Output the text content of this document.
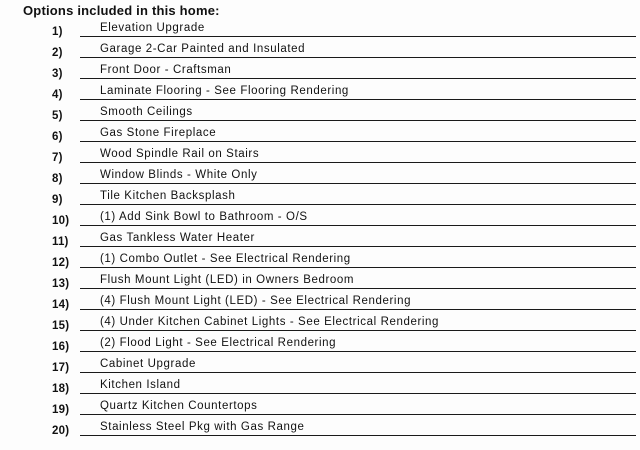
Options included in this home:
1)	Elevation Upgrade
2)	Garage 2-Car Painted and Insulated
3)	Front Door - Craftsman
4)	Laminate Flooring - See Flooring Rendering
5)	Smooth Ceilings
6)	Gas Stone Fireplace
7)	Wood Spindle Rail on Stairs
8)	Window Blinds - White Only
9)	Tile Kitchen Backsplash
10)	(1) Add Sink Bowl to Bathroom - O/S
11)	Gas Tankless Water Heater
12)	(1) Combo Outlet - See Electrical Rendering
13)	Flush Mount Light (LED) in Owners Bedroom
14)	(4) Flush Mount Light (LED) - See Electrical Rendering
15)	(4) Under Kitchen Cabinet Lights - See Electrical Rendering
16)	(2) Flood Light - See Electrical Rendering
17)	Cabinet Upgrade
18)	Kitchen Island
19)	Quartz Kitchen Countertops
20)	Stainless Steel Pkg with Gas Range
